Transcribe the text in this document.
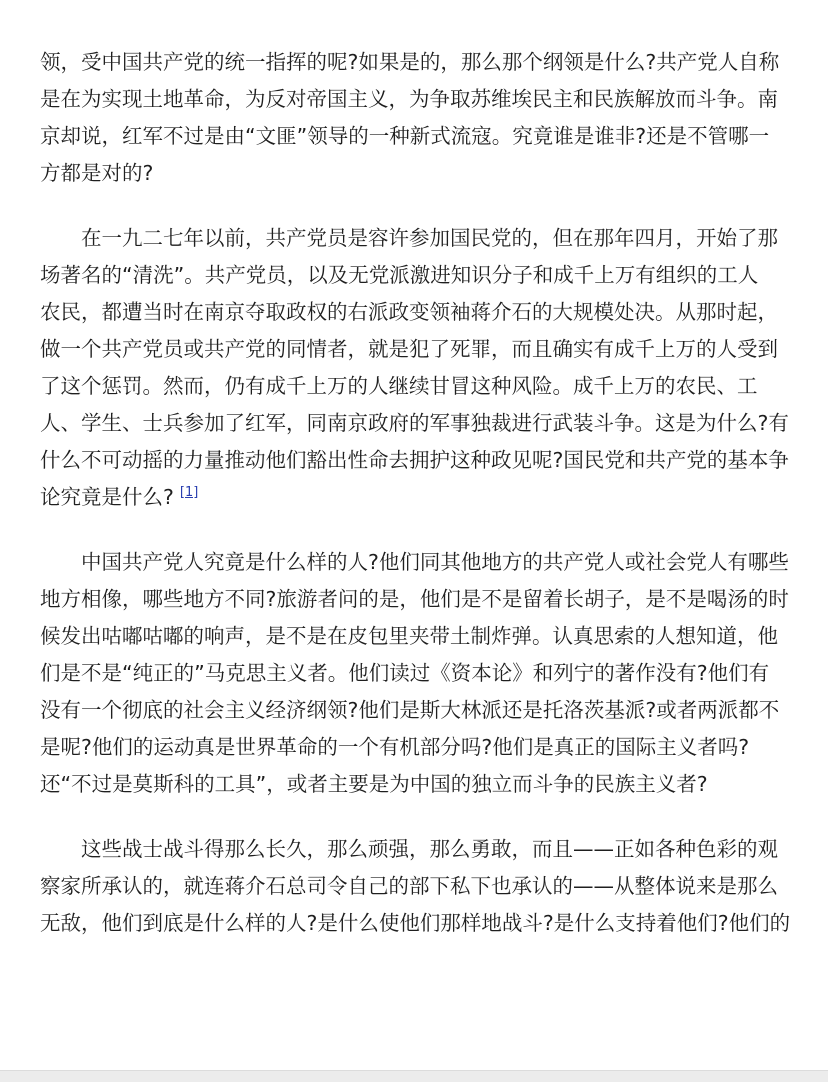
领，受中国共产党的统一指挥的呢?如果是的，那么那个纲领是什么?共产党人自称
是在为实现土地革命，为反对帝国主义，为争取苏维埃民主和民族解放而斗争。南
京却说，红军不过是由“文匪”领导的一种新式流寇。究竟谁是谁非?还是不管哪一
方都是对的?

在一九二七年以前，共产党员是容许参加国民党的，但在那年四月，开始了那
场著名的“清洗”。共产党员，以及无党派激进知识分子和成千上万有组织的工人
农民，都遭当时在南京夺取政权的右派政变领袖蒋介石的大规模处决。从那时起，
做一个共产党员或共产党的同情者，就是犯了死罪，而且确实有成千上万的人受到
了这个惩罚。然而，仍有成千上万的人继续甘冒这种风险。成千上万的农民、工
人、学生、士兵参加了红军，同南京政府的军事独裁进行武装斗争。这是为什么?有
什么不可动摇的力量推动他们豁出性命去拥护这种政见呢?国民党和共产党的基本争
论究竟是什么? [1]

中国共产党人究竟是什么样的人?他们同其他地方的共产党人或社会党人有哪些
地方相像，哪些地方不同?旅游者问的是，他们是不是留着长胡子，是不是喝汤的时
候发出咕嘟咕嘟的响声，是不是在皮包里夹带土制炸弹。认真思索的人想知道，他
们是不是“纯正的”马克思主义者。他们读过《资本论》和列宁的著作没有?他们有
没有一个彻底的社会主义经济纲领?他们是斯大林派还是托洛茨基派?或者两派都不
是呢?他们的运动真是世界革命的一个有机部分吗?他们是真正的国际主义者吗?
还“不过是莫斯科的工具”，或者主要是为中国的独立而斗争的民族主义者?

这些战士战斗得那么长久，那么顽强，那么勇敢，而且——正如各种色彩的观
察家所承认的，就连蒋介石总司令自己的部下私下也承认的——从整体说来是那么
无敌，他们到底是什么样的人?是什么使他们那样地战斗?是什么支持着他们?他们的
